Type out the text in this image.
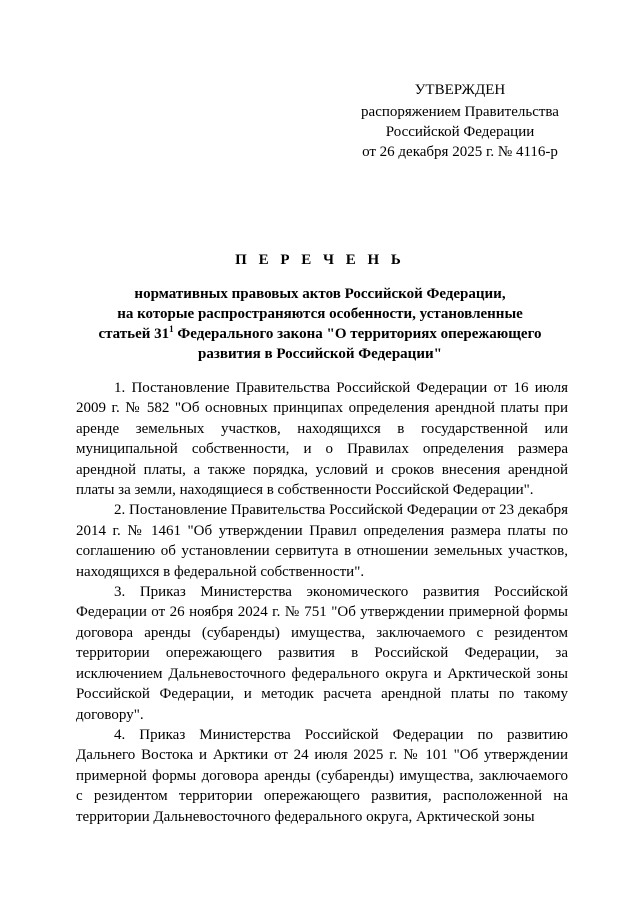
УТВЕРЖДЕН
распоряжением Правительства
Российской Федерации
от 26 декабря 2025 г. № 4116-р
П Е Р Е Ч Е Н Ь
нормативных правовых актов Российской Федерации,
на которые распространяются особенности, установленные
статьей $31^1$ Федерального закона "О территориях опережающего
развития в Российской Федерации"

1. Постановление Правительства Российской Федерации от 16 июля 2009 г. № 582 "Об основных принципах определения арендной платы при аренде земельных участков, находящихся в государственной или муниципальной собственности, и о Правилах определения размера арендной платы, а также порядка, условий и сроков внесения арендной платы за земли, находящиеся в собственности Российской Федерации".

2. Постановление Правительства Российской Федерации от 23 декабря 2014 г. № 1461 "Об утверждении Правил определения размера платы по соглашению об установлении сервитута в отношении земельных участков, находящихся в федеральной собственности".

3. Приказ Министерства экономического развития Российской Федерации от 26 ноября 2024 г. № 751 "Об утверждении примерной формы договора аренды (субаренды) имущества, заключаемого с резидентом территории опережающего развития в Российской Федерации, за исключением Дальневосточного федерального округа и Арктической зоны Российской Федерации, и методик расчета арендной платы по такому договору".

4. Приказ Министерства Российской Федерации по развитию Дальнего Востока и Арктики от 24 июля 2025 г. № 101 "Об утверждении примерной формы договора аренды (субаренды) имущества, заключаемого с резидентом территории опережающего развития, расположенной на территории Дальневосточного федерального округа, Арктической зоны
